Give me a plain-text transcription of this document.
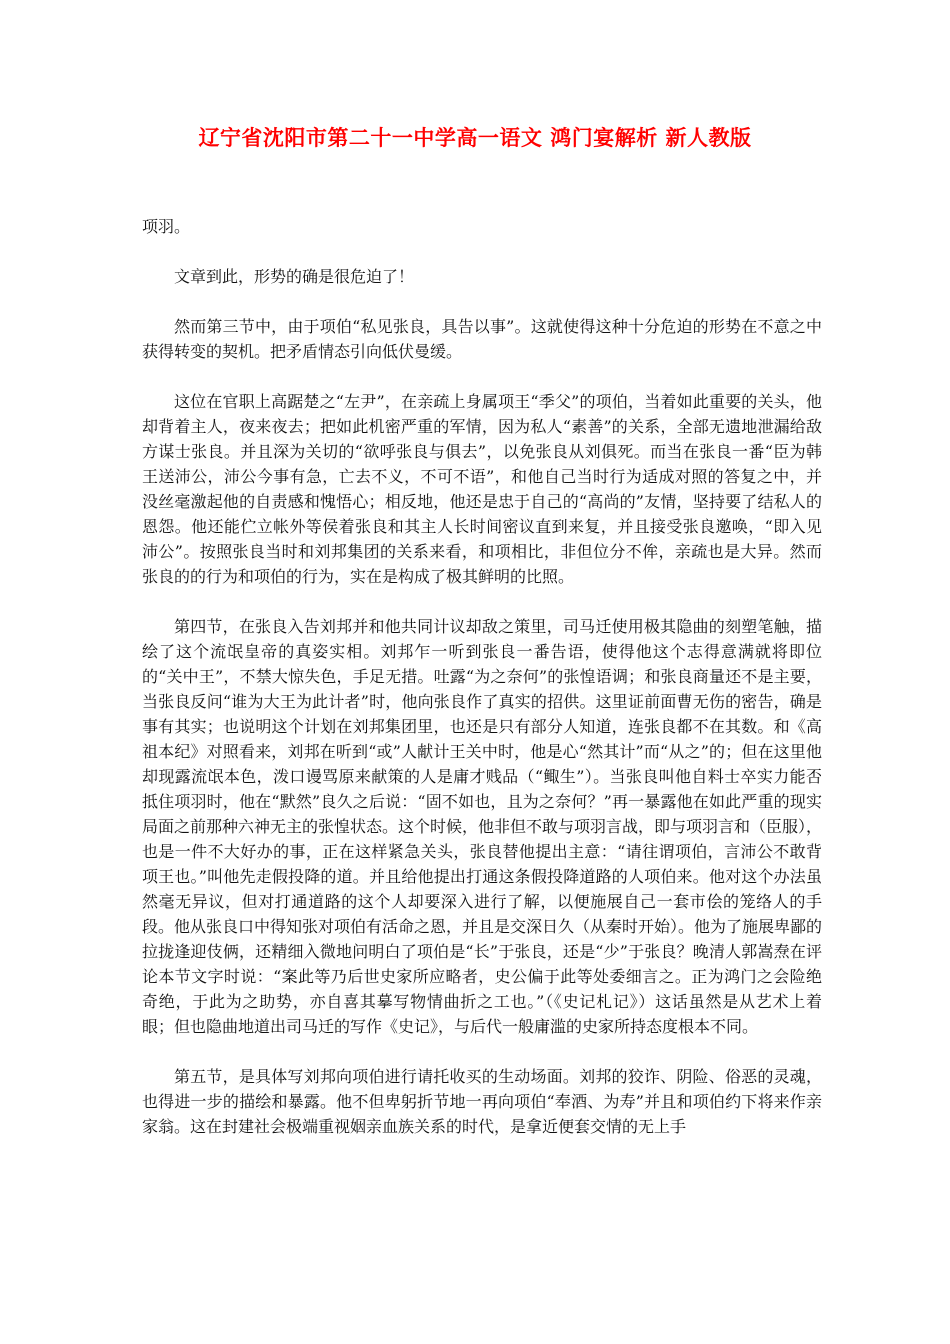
辽宁省沈阳市第二十一中学高一语文 鸿门宴解析 新人教版

项羽。

文章到此，形势的确是很危迫了！

然而第三节中，由于项伯“私见张良，具告以事”。这就使得这种十分危迫的形势在不意之中获得转变的契机。把矛盾情态引向低伏曼缓。

这位在官职上高踞楚之“左尹”，在亲疏上身属项王“季父”的项伯，当着如此重要的关头，他却背着主人，夜来夜去；把如此机密严重的军情，因为私人“素善”的关系，全部无遗地泄漏给敌方谋士张良。并且深为关切的“欲呼张良与俱去”，以免张良从刘俱死。而当在张良一番“臣为韩王送沛公，沛公今事有急，亡去不义，不可不语”，和他自己当时行为适成对照的答复之中，并没丝毫激起他的自责感和愧悟心；相反地，他还是忠于自己的“高尚的”友情，坚持要了结私人的恩怨。他还能伫立帐外等侯着张良和其主人长时间密议直到来复，并且接受张良邀唤，“即入见沛公”。按照张良当时和刘邦集团的关系来看，和项相比，非但位分不侔，亲疏也是大异。然而张良的的行为和项伯的行为，实在是构成了极其鲜明的比照。

第四节，在张良入告刘邦并和他共同计议却敌之策里，司马迁使用极其隐曲的刻塑笔触，描绘了这个流氓皇帝的真姿实相。刘邦乍一听到张良一番告语，使得他这个志得意满就将即位的“关中王”，不禁大惊失色，手足无措。吐露“为之奈何”的张惶语调；和张良商量还不是主要，当张良反问“谁为大王为此计者”时，他向张良作了真实的招供。这里证前面曹无伤的密告，确是事有其实；也说明这个计划在刘邦集团里，也还是只有部分人知道，连张良都不在其数。和《高祖本纪》对照看来，刘邦在听到“或”人献计王关中时，他是心“然其计”而“从之”的；但在这里他却现露流氓本色，泼口谩骂原来献策的人是庸才贱品（“鲰生”）。当张良叫他自料士卒实力能否抵住项羽时，他在“默然”良久之后说：“固不如也，且为之奈何？”再一暴露他在如此严重的现实局面之前那种六神无主的张惶状态。这个时候，他非但不敢与项羽言战，即与项羽言和（臣服），也是一件不大好办的事，正在这样紧急关头，张良替他提出主意：“请往谓项伯，言沛公不敢背项王也。”叫他先走假投降的道。并且给他提出打通这条假投降道路的人项伯来。他对这个办法虽然毫无异议，但对打通道路的这个人却要深入进行了解，以便施展自己一套市侩的笼络人的手段。他从张良口中得知张对项伯有活命之恩，并且是交深日久（从秦时开始）。他为了施展卑鄙的拉拢逢迎伎俩，还精细入微地问明白了项伯是“长”于张良，还是“少”于张良？晚清人郭嵩焘在评论本节文字时说：“案此等乃后世史家所应略者，史公偏于此等处委细言之。正为鸿门之会险绝奇绝，于此为之助势，亦自喜其摹写物情曲折之工也。”（《史记札记》）这话虽然是从艺术上着眼；但也隐曲地道出司马迁的写作《史记》，与后代一般庸滥的史家所持态度根本不同。

第五节，是具体写刘邦向项伯进行请托收买的生动场面。刘邦的狡诈、阴险、俗恶的灵魂，也得进一步的描绘和暴露。他不但卑躬折节地一再向项伯“奉酒、为寿”并且和项伯约下将来作亲家翁。这在封建社会极端重视姻亲血族关系的时代，是拿近便套交情的无上手
